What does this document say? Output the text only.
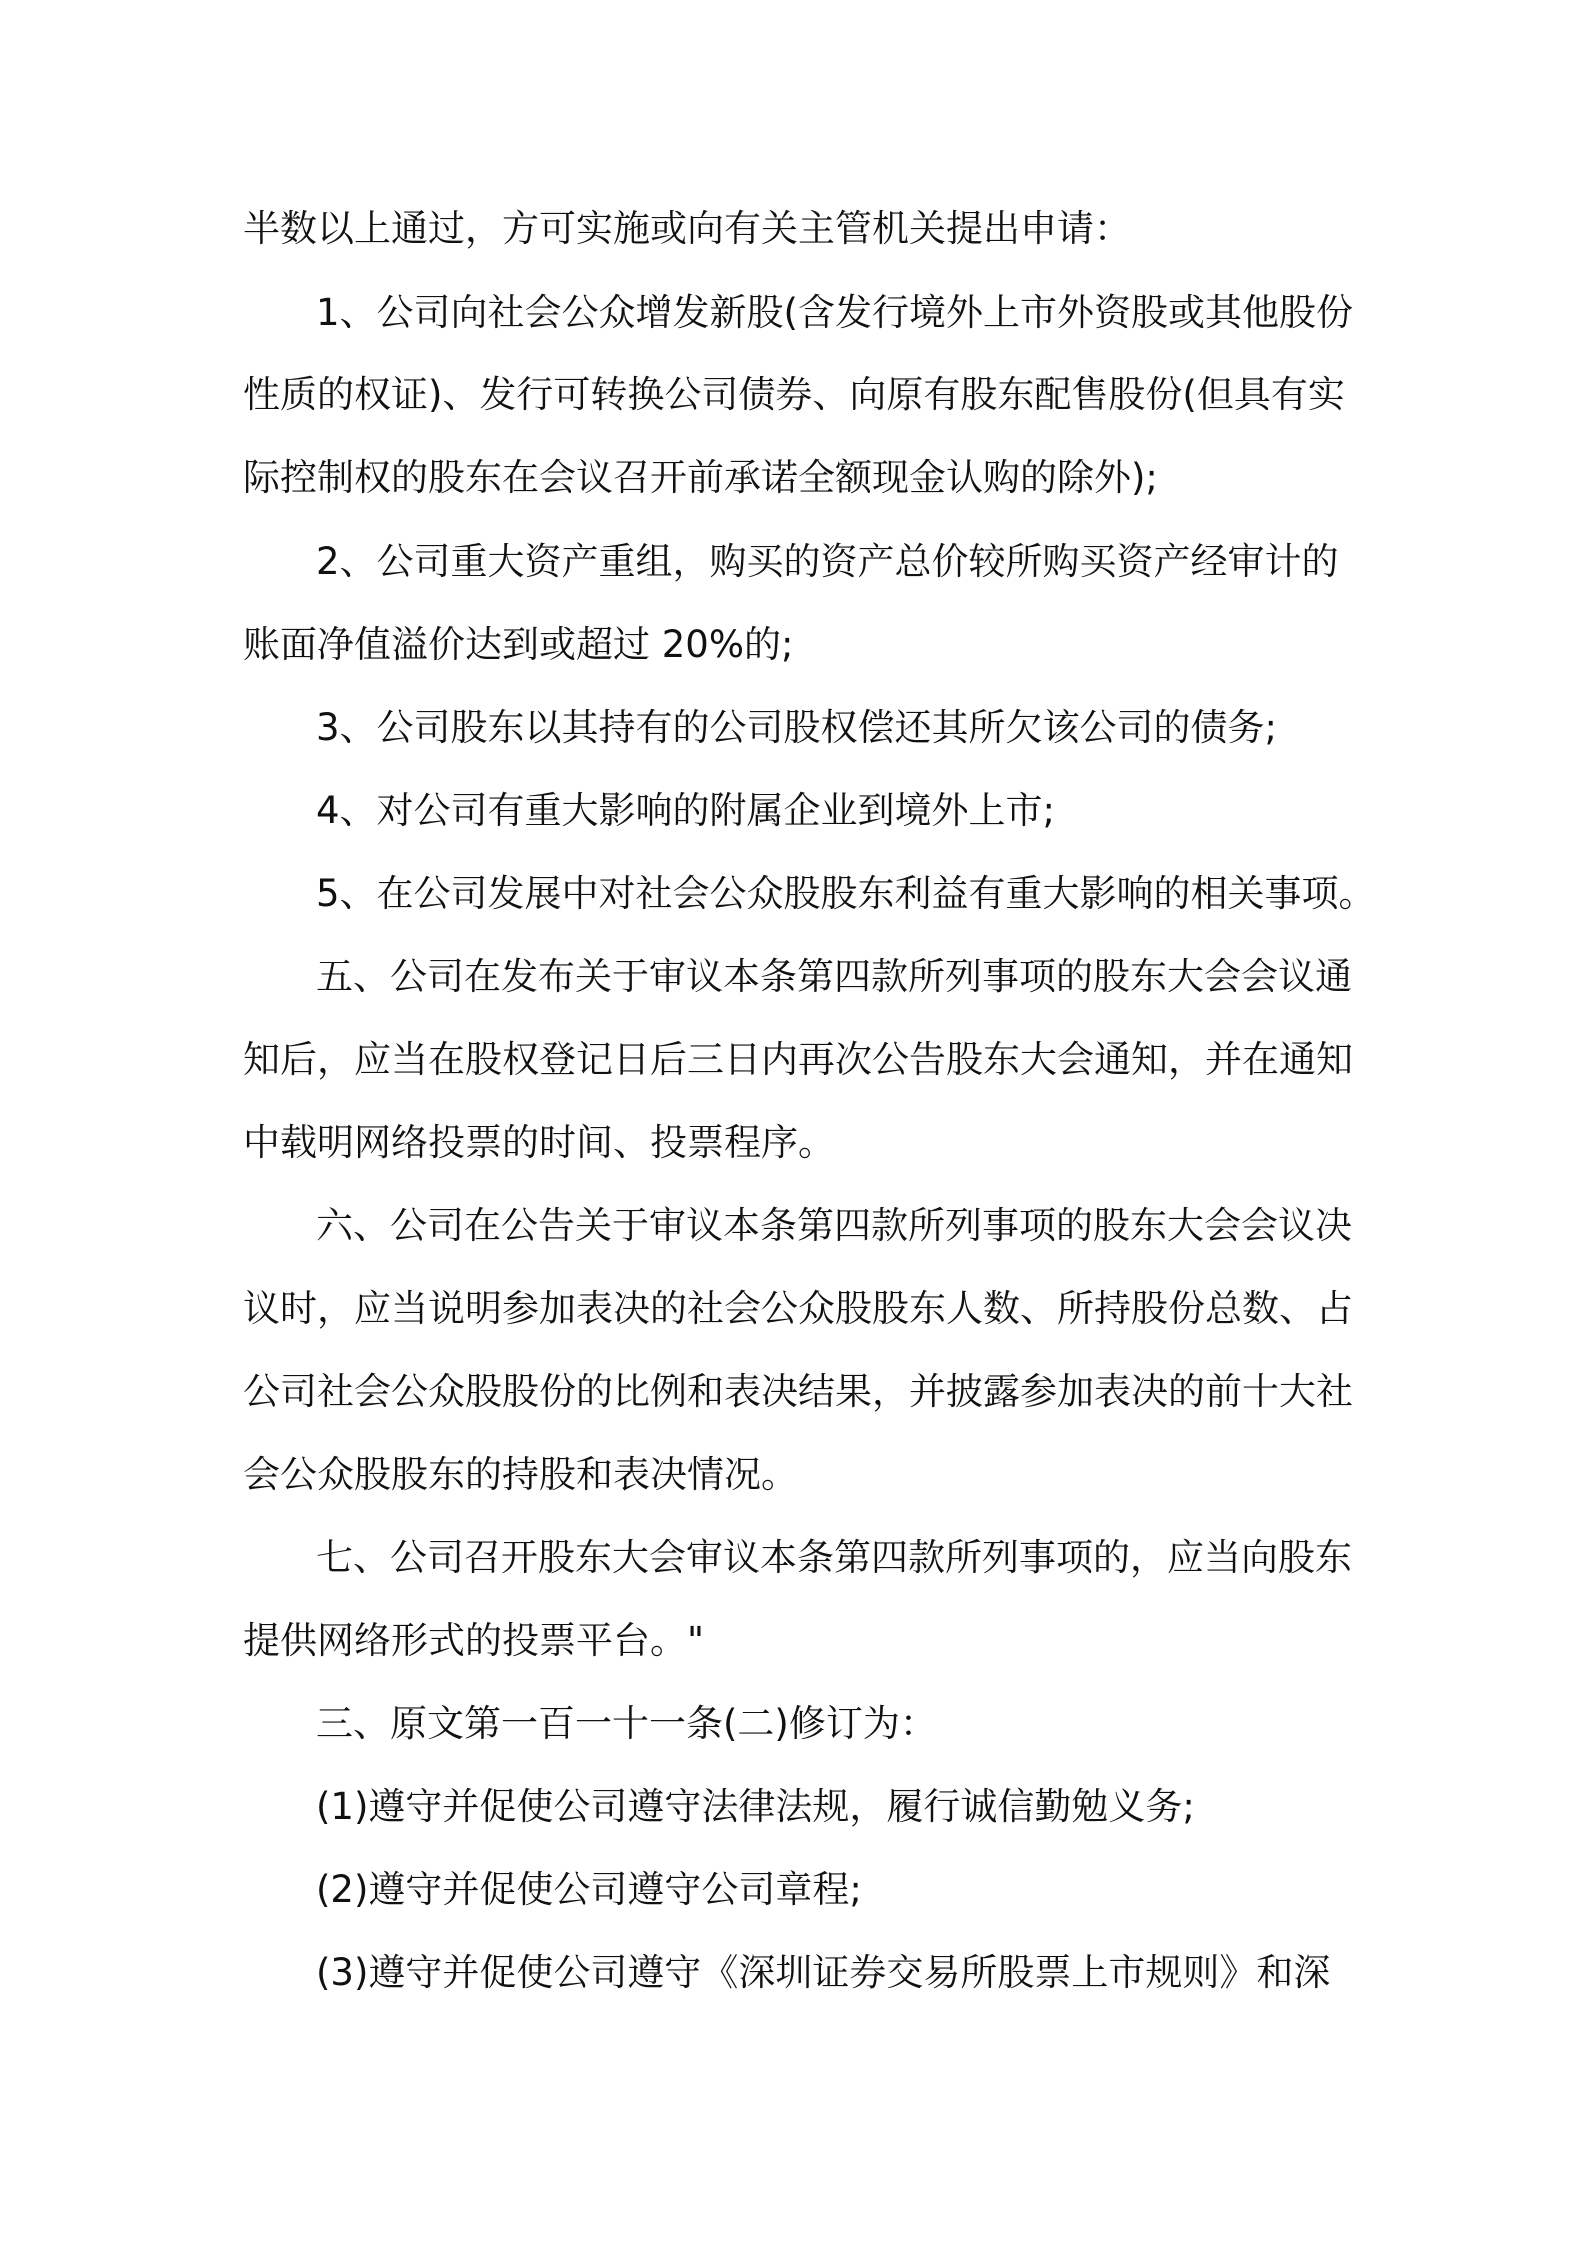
半数以上通过，方可实施或向有关主管机关提出申请：
1、公司向社会公众增发新股(含发行境外上市外资股或其他股份
性质的权证)、发行可转换公司债券、向原有股东配售股份(但具有实
际控制权的股东在会议召开前承诺全额现金认购的除外);
2、公司重大资产重组，购买的资产总价较所购买资产经审计的
账面净值溢价达到或超过 20%的;
3、公司股东以其持有的公司股权偿还其所欠该公司的债务;
4、对公司有重大影响的附属企业到境外上市;
5、在公司发展中对社会公众股股东利益有重大影响的相关事项。
五、公司在发布关于审议本条第四款所列事项的股东大会会议通
知后，应当在股权登记日后三日内再次公告股东大会通知，并在通知
中载明网络投票的时间、投票程序。
六、公司在公告关于审议本条第四款所列事项的股东大会会议决
议时，应当说明参加表决的社会公众股股东人数、所持股份总数、占
公司社会公众股股份的比例和表决结果，并披露参加表决的前十大社
会公众股股东的持股和表决情况。
七、公司召开股东大会审议本条第四款所列事项的，应当向股东
提供网络形式的投票平台。"
三、原文第一百一十一条(二)修订为：
(1)遵守并促使公司遵守法律法规，履行诚信勤勉义务;
(2)遵守并促使公司遵守公司章程;
(3)遵守并促使公司遵守《深圳证券交易所股票上市规则》和深
